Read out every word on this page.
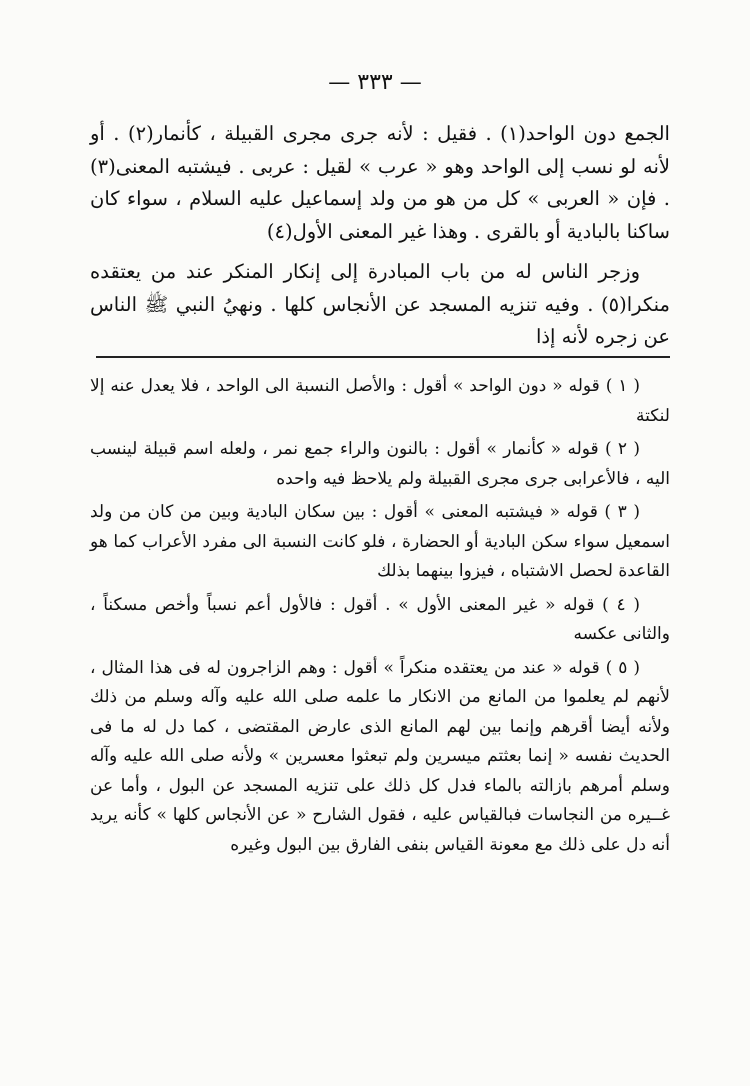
— ٣٣٣ —

الجمع دون الواحد(١) . فقيل : لأنه جرى مجرى القبيلة ، كأنمار(٢) . أو لأنه لو نسب إلى الواحد وهو « عرب » لقيل : عربى . فيشتبه المعنى(٣) . فإن « العربى » كل من هو من ولد إسماعيل عليه السلام ، سواء كان ساكنا بالبادية أو بالقرى . وهذا غير المعنى الأول(٤)

وزجر الناس له من باب المبادرة إلى إنكار المنكر عند من يعتقده منكرا(٥) . وفيه تنزيه المسجد عن الأنجاس كلها . ونهيُ النبي ﷺ الناس عن زجره لأنه إذا

( ١ ) قوله « دون الواحد » أقول : والأصل النسبة الى الواحد ، فلا يعدل عنه إلا لنكتة

( ٢ ) قوله « كأنمار » أقول : بالنون والراء جمع نمر ، ولعله اسم قبيلة لينسب اليه ، فالأعرابى جرى مجرى القبيلة ولم يلاحظ فيه واحده

( ٣ ) قوله « فيشتبه المعنى » أقول : بين سكان البادية وبين من كان من ولد اسمعيل سواء سكن البادية أو الحضارة ، فلو كانت النسبة الى مفرد الأعراب كما هو القاعدة لحصل الاشتباه ، فيزوا بينهما بذلك

( ٤ ) قوله « غير المعنى الأول » . أقول : فالأول أعم نسباً وأخص مسكناً ، والثانى عكسه

( ٥ ) قوله « عند من يعتقده منكراً » أقول : وهم الزاجرون له فى هذا المثال ، لأنهم لم يعلموا من المانع من الانكار ما علمه صلى الله عليه وآله وسلم من ذلك ولأنه أيضا أقرهم وإنما بين لهم المانع الذى عارض المقتضى ، كما دل له ما فى الحديث نفسه « إنما بعثتم ميسرين ولم تبعثوا معسرين » ولأنه صلى الله عليه وآله وسلم أمرهم بازالته بالماء فدل كل ذلك على تنزيه المسجد عن البول ، وأما عن غــيره من النجاسات فبالقياس عليه ، فقول الشارح « عن الأنجاس كلها » كأنه يريد أنه دل على ذلك مع معونة القياس بنفى الفارق بين البول وغيره
